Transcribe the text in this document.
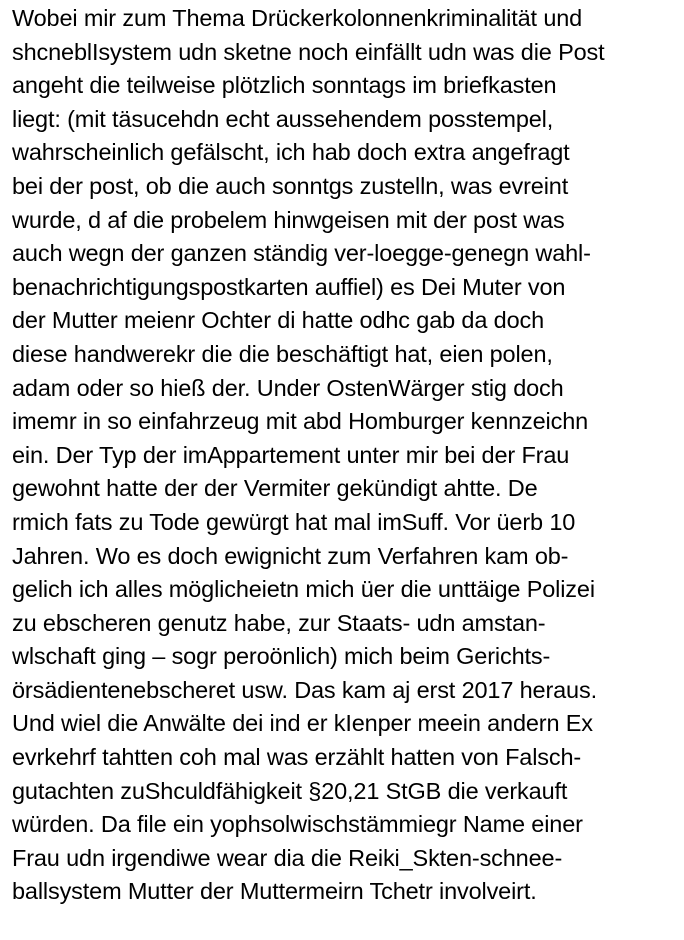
Wobei mir zum Thema Drückerkolonnenkriminalität und
shcneblIsystem udn sketne noch einfällt udn was die Post
angeht die teilweise plötzlich sonntags im briefkasten
liegt: (mit täsucehdn echt aussehendem posstempel,
wahrscheinlich gefälscht, ich hab doch extra angefragt
bei der post, ob die auch sonntgs zustelln, was evreint
wurde, d af die probelem hinwgeisen mit der post was
auch wegn der ganzen ständig ver-loegge-genegn wahl-
benachrichtigungspostkarten auffiel) es Dei Muter von
der Mutter meienr Ochter di hatte odhc gab da doch
diese handwerekr die die beschäftigt hat, eien polen,
adam oder so hieß der. Under OstenWärger stig doch
imemr in so einfahrzeug mit abd Homburger kennzeichn
ein. Der Typ der imAppartement unter mir bei der Frau
gewohnt hatte der der Vermiter gekündigt ahtte. De
rmich fats zu Tode gewürgt hat mal imSuff. Vor üerb 10
Jahren. Wo es doch ewignicht zum Verfahren kam ob-
gelich ich alles möglicheietn mich üer die unttäige Polizei
zu ebscheren genutz habe, zur Staats- udn amstan-
wlschaft ging – sogr peroönlich) mich beim Gerichts-
örsädientenebscheret usw. Das kam aj erst 2017 heraus.
Und wiel die Anwälte dei ind er kIenper meein andern Ex
evrkehrf tahtten coh mal was erzählt hatten von Falsch-
gutachten zuShculdfähigkeit §20,21 StGB die verkauft
würden. Da file ein yophsolwischstämmiegr Name einer
Frau udn irgendiwe wear dia die Reiki_Skten-schnee-
ballsystem Mutter der Muttermeirn Tchetr involveirt.
